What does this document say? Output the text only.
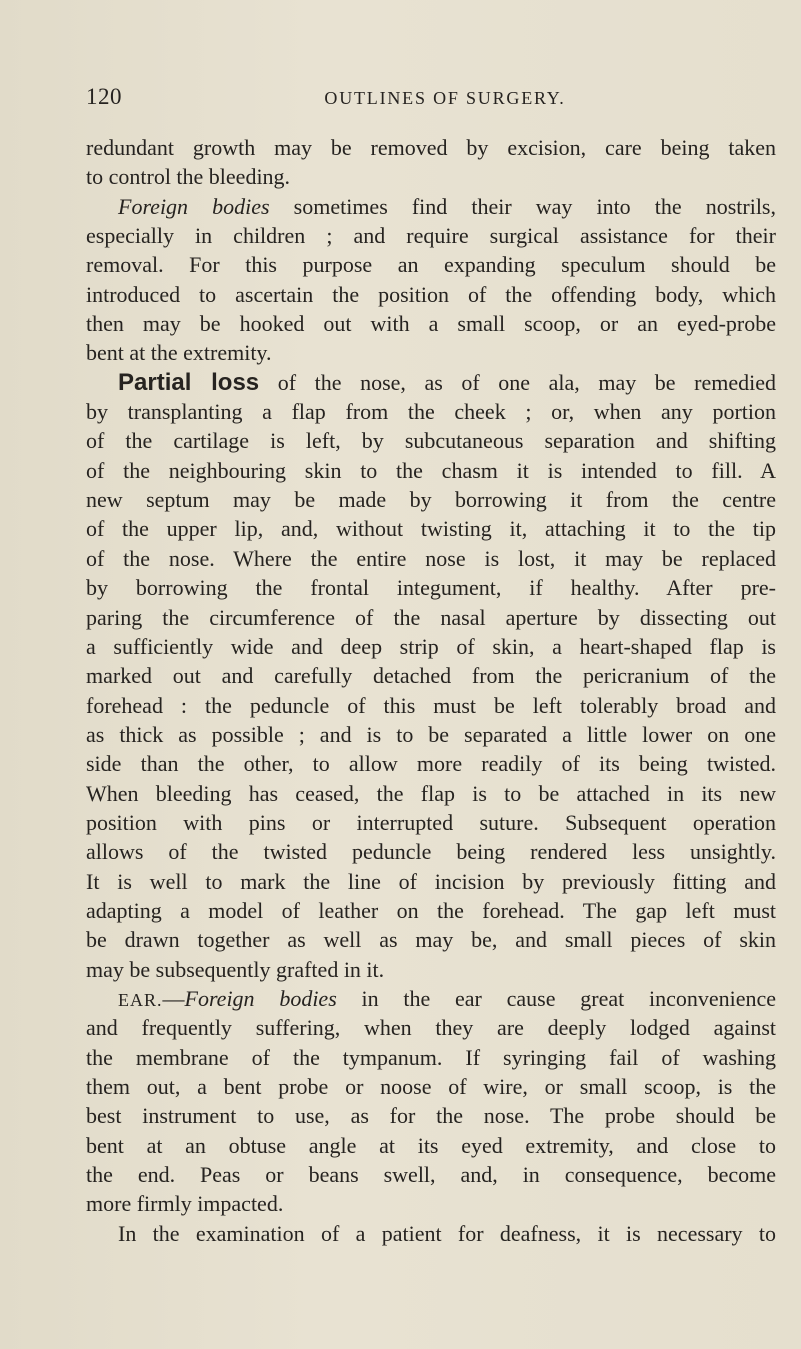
120	OUTLINES OF SURGERY.
redundant growth may be removed by excision, care being taken
to control the bleeding.
Foreign bodies sometimes find their way into the nostrils,
especially in children ; and require surgical assistance for their
removal. For this purpose an expanding speculum should be
introduced to ascertain the position of the offending body, which
then may be hooked out with a small scoop, or an eyed-probe
bent at the extremity.
Partial loss of the nose, as of one ala, may be remedied
by transplanting a flap from the cheek ; or, when any portion
of the cartilage is left, by subcutaneous separation and shifting
of the neighbouring skin to the chasm it is intended to fill. A
new septum may be made by borrowing it from the centre
of the upper lip, and, without twisting it, attaching it to the tip
of the nose. Where the entire nose is lost, it may be replaced
by borrowing the frontal integument, if healthy. After pre-
paring the circumference of the nasal aperture by dissecting out
a sufficiently wide and deep strip of skin, a heart-shaped flap is
marked out and carefully detached from the pericranium of the
forehead : the peduncle of this must be left tolerably broad and
as thick as possible ; and is to be separated a little lower on one
side than the other, to allow more readily of its being twisted.
When bleeding has ceased, the flap is to be attached in its new
position with pins or interrupted suture. Subsequent operation
allows of the twisted peduncle being rendered less unsightly.
It is well to mark the line of incision by previously fitting and
adapting a model of leather on the forehead. The gap left must
be drawn together as well as may be, and small pieces of skin
may be subsequently grafted in it.
EAR.—Foreign bodies in the ear cause great inconvenience
and frequently suffering, when they are deeply lodged against
the membrane of the tympanum. If syringing fail of washing
them out, a bent probe or noose of wire, or small scoop, is the
best instrument to use, as for the nose. The probe should be
bent at an obtuse angle at its eyed extremity, and close to
the end. Peas or beans swell, and, in consequence, become
more firmly impacted.
In the examination of a patient for deafness, it is necessary to
